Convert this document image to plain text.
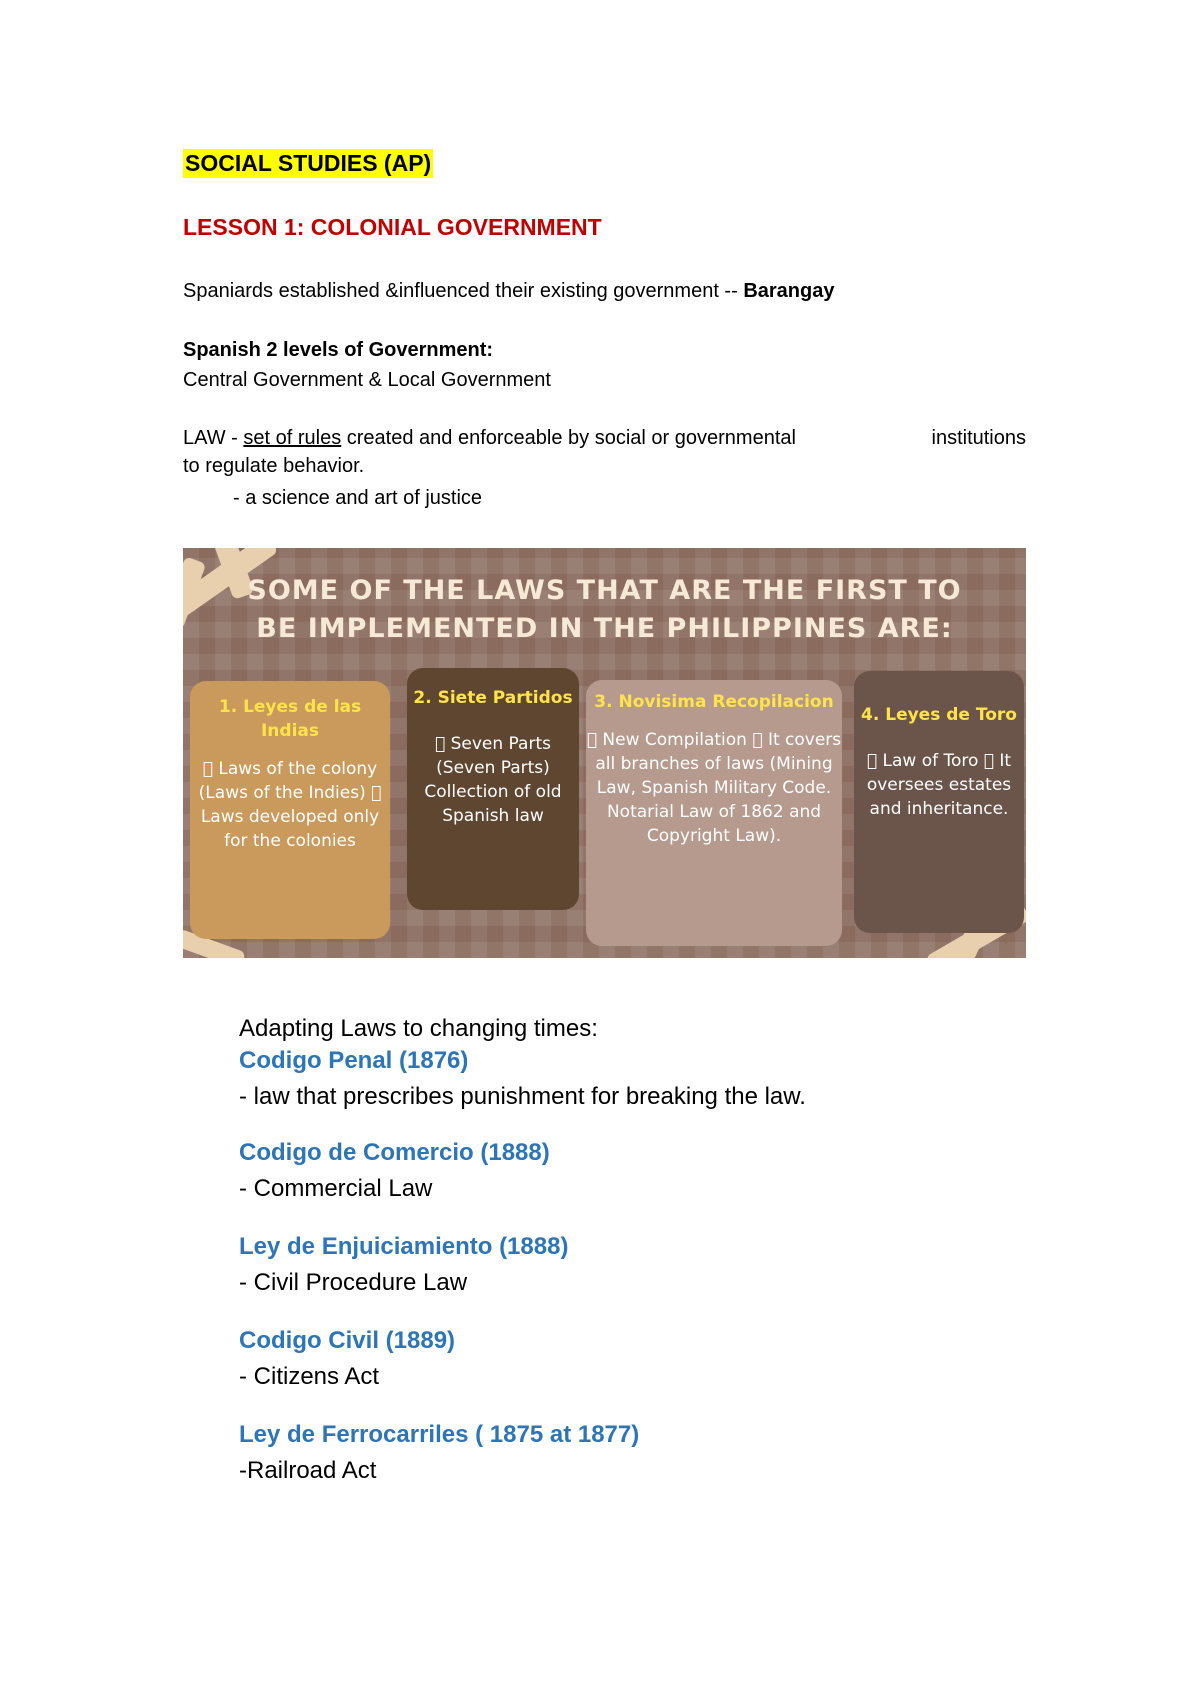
SOCIAL STUDIES (AP)
LESSON 1: COLONIAL GOVERNMENT
Spaniards established &influenced their existing government -- Barangay
Spanish 2 levels of Government:
Central Government & Local Government
LAW - set of rules created and enforceable by social or governmental	institutions
to regulate behavior.
- a science and art of justice
SOME OF THE LAWS THAT ARE THE FIRST TO BE IMPLEMENTED IN THE PHILIPPINES ARE:
1. Leyes de las Indias
Laws of the colony (Laws of the Indies) Laws developed only for the colonies
2. Siete Partidos
Seven Parts (Seven Parts) Collection of old Spanish law
3. Novisima Recopilacion
New Compilation It covers all branches of laws (Mining Law, Spanish Military Code. Notarial Law of 1862 and Copyright Law).
4. Leyes de Toro
Law of Toro It oversees estates and inheritance.
Adapting Laws to changing times:
Codigo Penal (1876)
- law that prescribes punishment for breaking the law.
Codigo de Comercio (1888)
- Commercial Law
Ley de Enjuiciamiento (1888)
- Civil Procedure Law
Codigo Civil (1889)
- Citizens Act
Ley de Ferrocarriles ( 1875 at 1877)
-Railroad Act
